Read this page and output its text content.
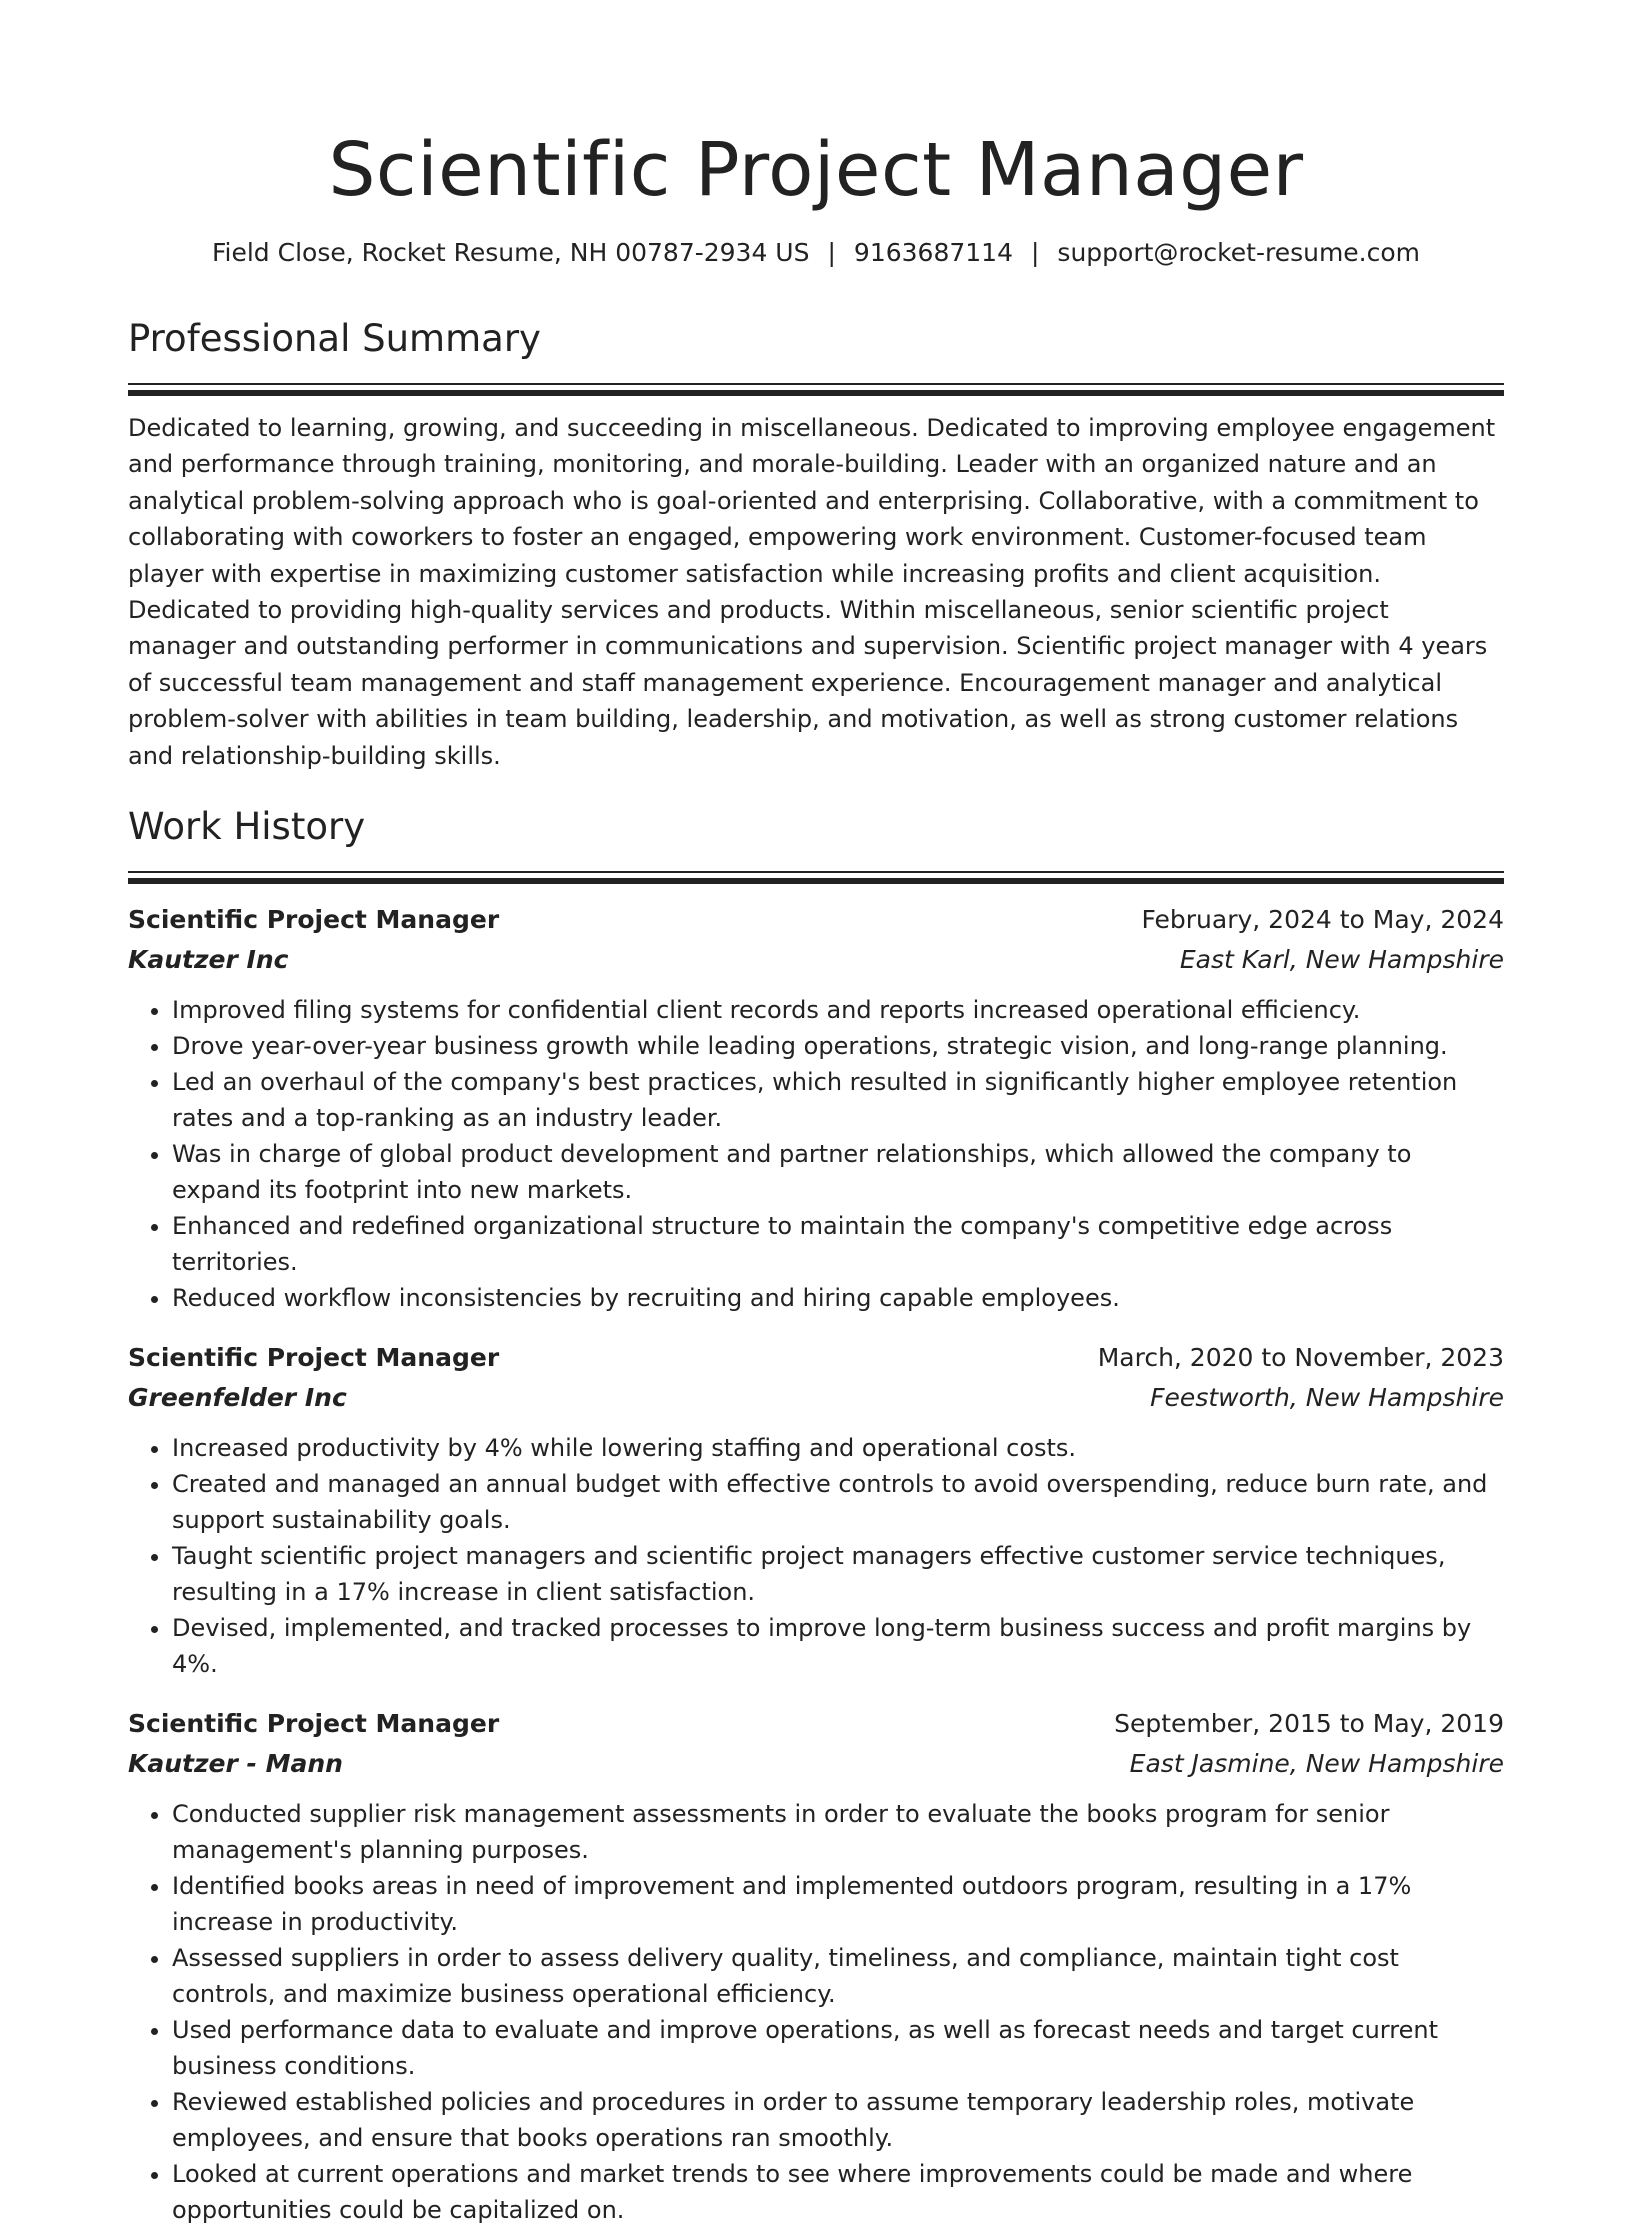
Scientific Project Manager
Field Close, Rocket Resume, NH 00787-2934 US | 9163687114 | support@rocket-resume.com
Professional Summary

Dedicated to learning, growing, and succeeding in miscellaneous. Dedicated to improving employee engagement and performance through training, monitoring, and morale-building. Leader with an organized nature and an analytical problem-solving approach who is goal-oriented and enterprising. Collaborative, with a commitment to collaborating with coworkers to foster an engaged, empowering work environment. Customer-focused team player with expertise in maximizing customer satisfaction while increasing profits and client acquisition. Dedicated to providing high-quality services and products. Within miscellaneous, senior scientific project manager and outstanding performer in communications and supervision. Scientific project manager with 4 years of successful team management and staff management experience. Encouragement manager and analytical problem-solver with abilities in team building, leadership, and motivation, as well as strong customer relations and relationship-building skills.

Work History
Scientific Project Manager	February, 2024 to May, 2024
Kautzer Inc	East Karl, New Hampshire
• Improved filing systems for confidential client records and reports increased operational efficiency.
• Drove year-over-year business growth while leading operations, strategic vision, and long-range planning.
• Led an overhaul of the company's best practices, which resulted in significantly higher employee retention rates and a top-ranking as an industry leader.
• Was in charge of global product development and partner relationships, which allowed the company to expand its footprint into new markets.
• Enhanced and redefined organizational structure to maintain the company's competitive edge across territories.
• Reduced workflow inconsistencies by recruiting and hiring capable employees.
Scientific Project Manager	March, 2020 to November, 2023
Greenfelder Inc	Feestworth, New Hampshire
• Increased productivity by 4% while lowering staffing and operational costs.
• Created and managed an annual budget with effective controls to avoid overspending, reduce burn rate, and support sustainability goals.
• Taught scientific project managers and scientific project managers effective customer service techniques, resulting in a 17% increase in client satisfaction.
• Devised, implemented, and tracked processes to improve long-term business success and profit margins by 4%.
Scientific Project Manager	September, 2015 to May, 2019
Kautzer - Mann	East Jasmine, New Hampshire
• Conducted supplier risk management assessments in order to evaluate the books program for senior management's planning purposes.
• Identified books areas in need of improvement and implemented outdoors program, resulting in a 17% increase in productivity.
• Assessed suppliers in order to assess delivery quality, timeliness, and compliance, maintain tight cost controls, and maximize business operational efficiency.
• Used performance data to evaluate and improve operations, as well as forecast needs and target current business conditions.
• Reviewed established policies and procedures in order to assume temporary leadership roles, motivate employees, and ensure that books operations ran smoothly.
• Looked at current operations and market trends to see where improvements could be made and where opportunities could be capitalized on.
